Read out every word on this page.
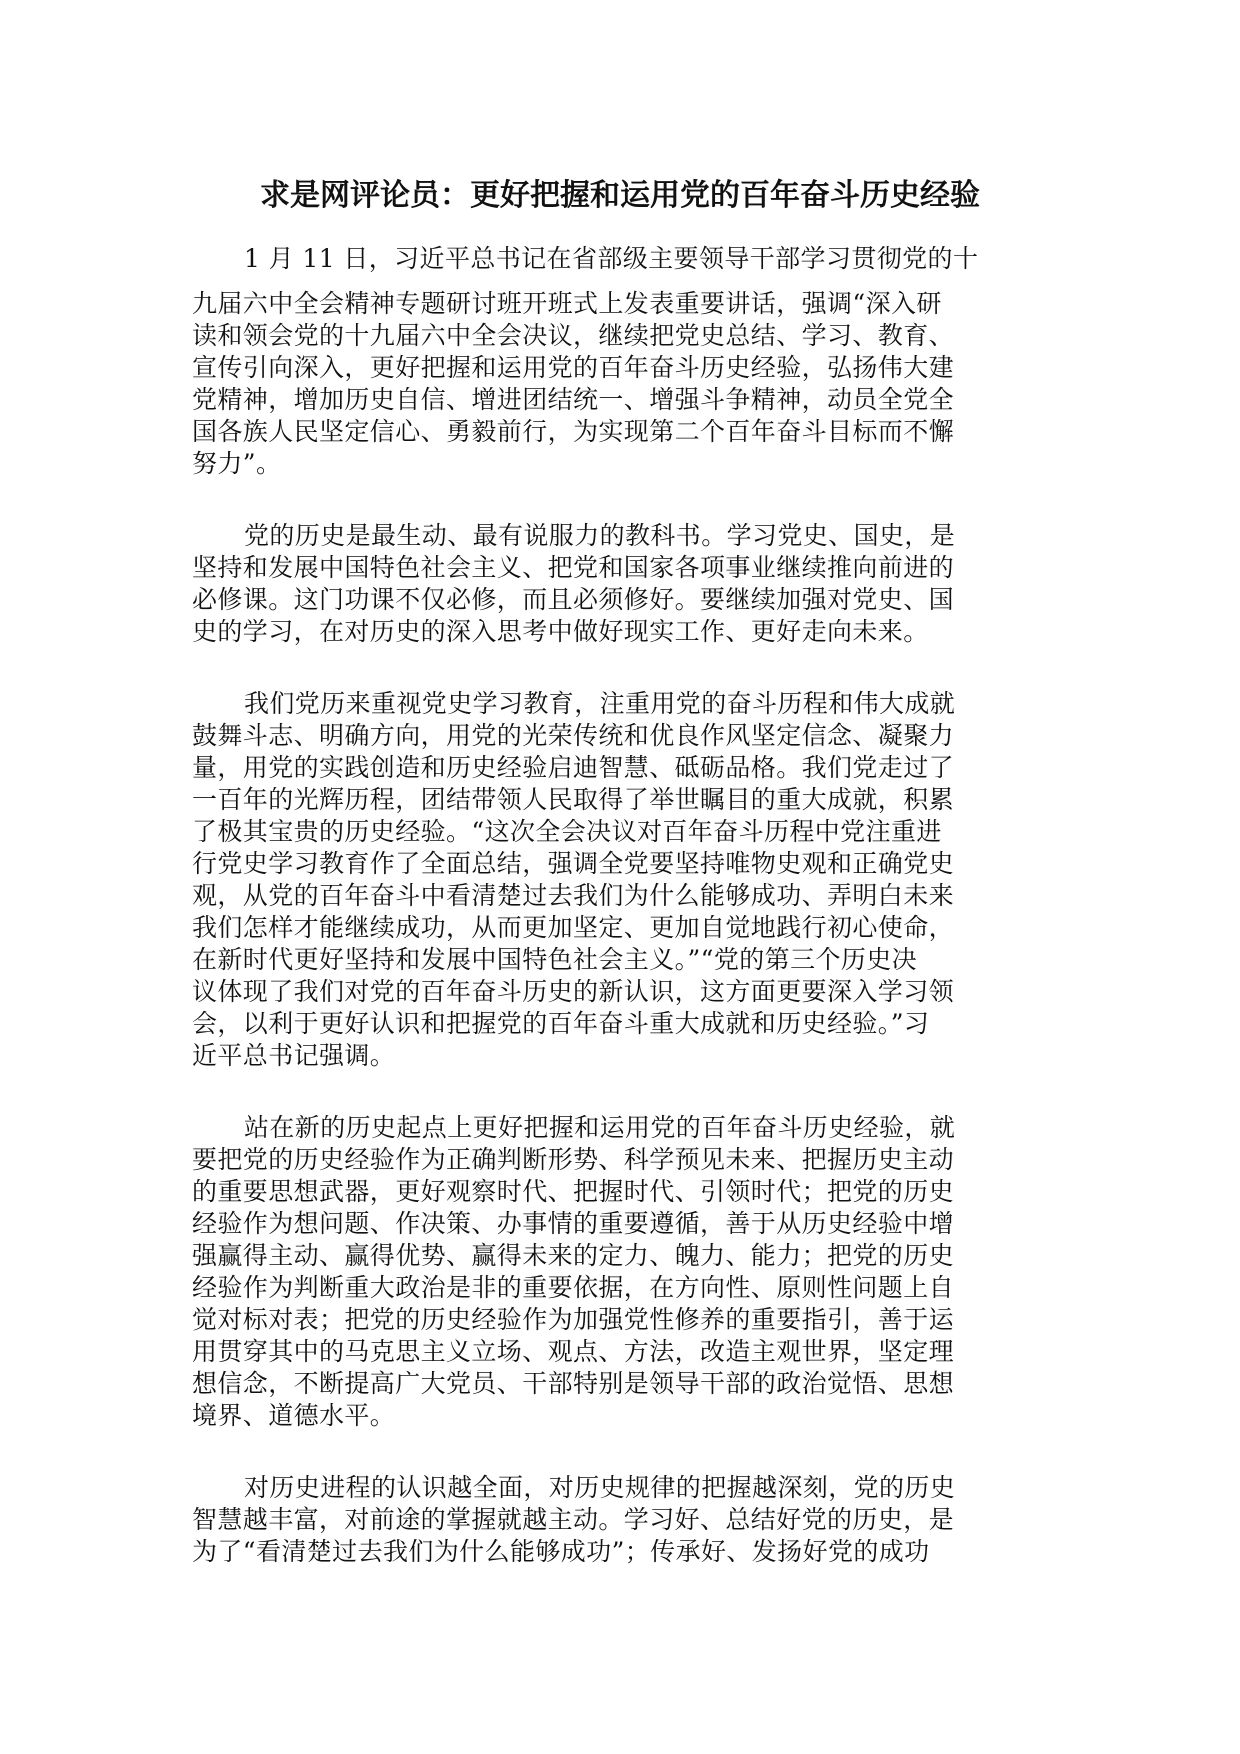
求是网评论员：更好把握和运用党的百年奋斗历史经验

1 月 11 日，习近平总书记在省部级主要领导干部学习贯彻党的十
九届六中全会精神专题研讨班开班式上发表重要讲话，强调“深入研
读和领会党的十九届六中全会决议，继续把党史总结、学习、教育、
宣传引向深入，更好把握和运用党的百年奋斗历史经验，弘扬伟大建
党精神，增加历史自信、增进团结统一、增强斗争精神，动员全党全
国各族人民坚定信心、勇毅前行，为实现第二个百年奋斗目标而不懈
努力”。

党的历史是最生动、最有说服力的教科书。学习党史、国史，是
坚持和发展中国特色社会主义、把党和国家各项事业继续推向前进的
必修课。这门功课不仅必修，而且必须修好。要继续加强对党史、国
史的学习，在对历史的深入思考中做好现实工作、更好走向未来。

我们党历来重视党史学习教育，注重用党的奋斗历程和伟大成就
鼓舞斗志、明确方向，用党的光荣传统和优良作风坚定信念、凝聚力
量，用党的实践创造和历史经验启迪智慧、砥砺品格。我们党走过了
一百年的光辉历程，团结带领人民取得了举世瞩目的重大成就，积累
了极其宝贵的历史经验。“这次全会决议对百年奋斗历程中党注重进
行党史学习教育作了全面总结，强调全党要坚持唯物史观和正确党史
观，从党的百年奋斗中看清楚过去我们为什么能够成功、弄明白未来
我们怎样才能继续成功，从而更加坚定、更加自觉地践行初心使命，
在新时代更好坚持和发展中国特色社会主义。”“党的第三个历史决
议体现了我们对党的百年奋斗历史的新认识，这方面更要深入学习领
会，以利于更好认识和把握党的百年奋斗重大成就和历史经验。”习
近平总书记强调。

站在新的历史起点上更好把握和运用党的百年奋斗历史经验，就
要把党的历史经验作为正确判断形势、科学预见未来、把握历史主动
的重要思想武器，更好观察时代、把握时代、引领时代；把党的历史
经验作为想问题、作决策、办事情的重要遵循，善于从历史经验中增
强赢得主动、赢得优势、赢得未来的定力、魄力、能力；把党的历史
经验作为判断重大政治是非的重要依据，在方向性、原则性问题上自
觉对标对表；把党的历史经验作为加强党性修养的重要指引，善于运
用贯穿其中的马克思主义立场、观点、方法，改造主观世界，坚定理
想信念，不断提高广大党员、干部特别是领导干部的政治觉悟、思想
境界、道德水平。

对历史进程的认识越全面，对历史规律的把握越深刻，党的历史
智慧越丰富，对前途的掌握就越主动。学习好、总结好党的历史，是
为了“看清楚过去我们为什么能够成功”；传承好、发扬好党的成功
